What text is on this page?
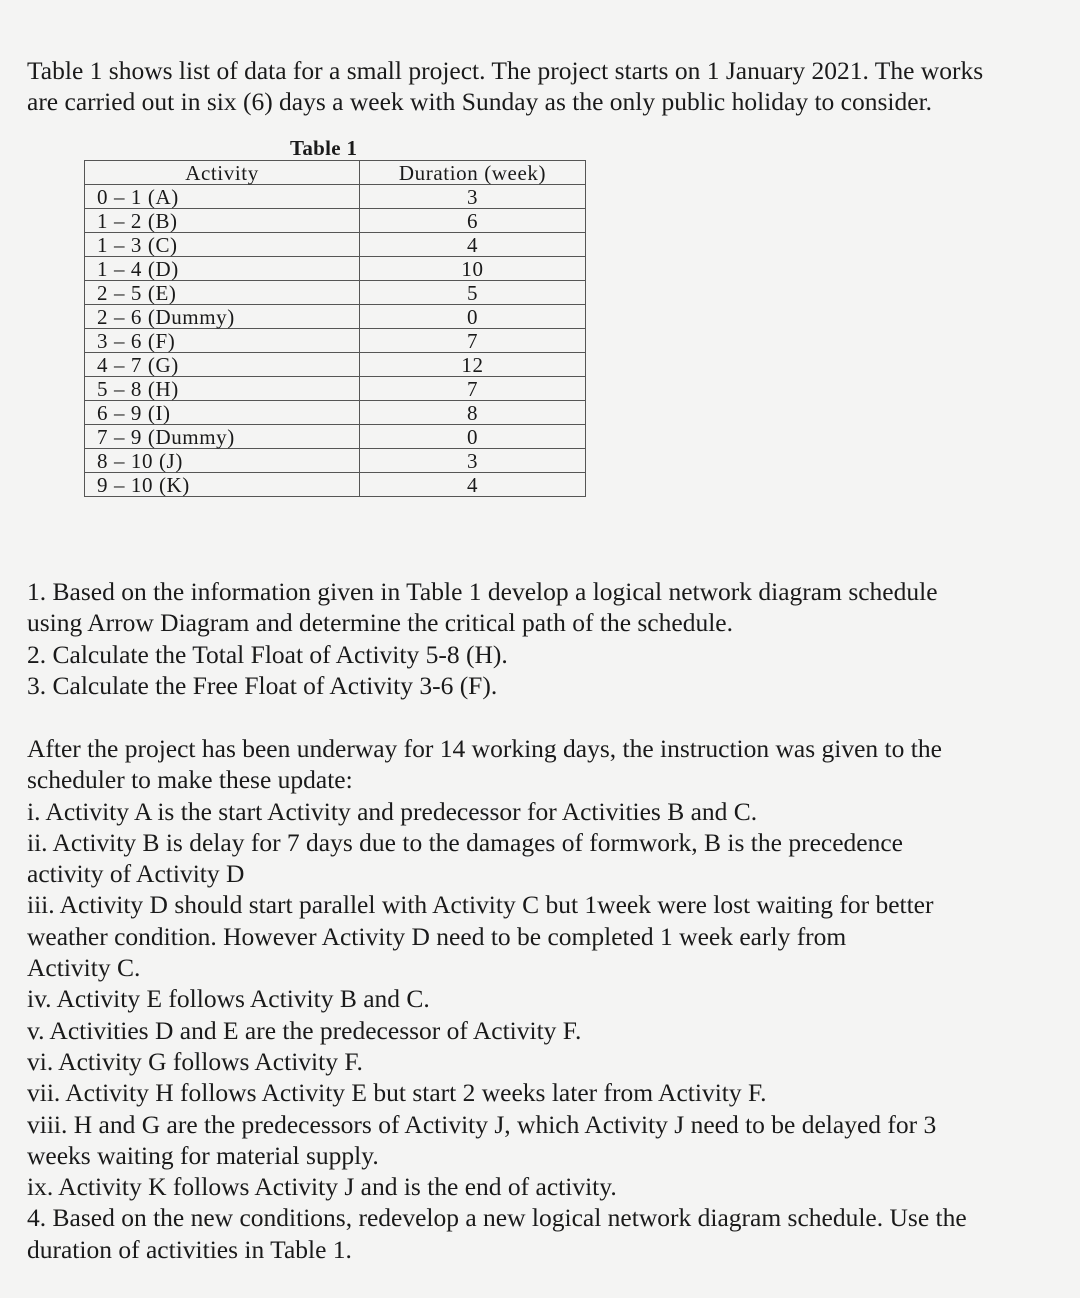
Table 1 shows list of data for a small project. The project starts on 1 January 2021. The works
are carried out in six (6) days a week with Sunday as the only public holiday to consider.
Table 1
Activity	Duration (week)
0 – 1 (A)	3
1 – 2 (B)	6
1 – 3 (C)	4
1 – 4 (D)	10
2 – 5 (E)	5
2 – 6 (Dummy)	0
3 – 6 (F)	7
4 – 7 (G)	12
5 – 8 (H)	7
6 – 9 (I)	8
7 – 9 (Dummy)	0
8 – 10 (J)	3
9 – 10 (K)	4
1. Based on the information given in Table 1 develop a logical network diagram schedule
using Arrow Diagram and determine the critical path of the schedule.
2. Calculate the Total Float of Activity 5-8 (H).
3. Calculate the Free Float of Activity 3-6 (F).
After the project has been underway for 14 working days, the instruction was given to the
scheduler to make these update:
i. Activity A is the start Activity and predecessor for Activities B and C.
ii. Activity B is delay for 7 days due to the damages of formwork, B is the precedence
activity of Activity D
iii. Activity D should start parallel with Activity C but 1week were lost waiting for better
weather condition. However Activity D need to be completed 1 week early from
Activity C.
iv. Activity E follows Activity B and C.
v. Activities D and E are the predecessor of Activity F.
vi. Activity G follows Activity F.
vii. Activity H follows Activity E but start 2 weeks later from Activity F.
viii. H and G are the predecessors of Activity J, which Activity J need to be delayed for 3
weeks waiting for material supply.
ix. Activity K follows Activity J and is the end of activity.
4. Based on the new conditions, redevelop a new logical network diagram schedule. Use the
duration of activities in Table 1.
